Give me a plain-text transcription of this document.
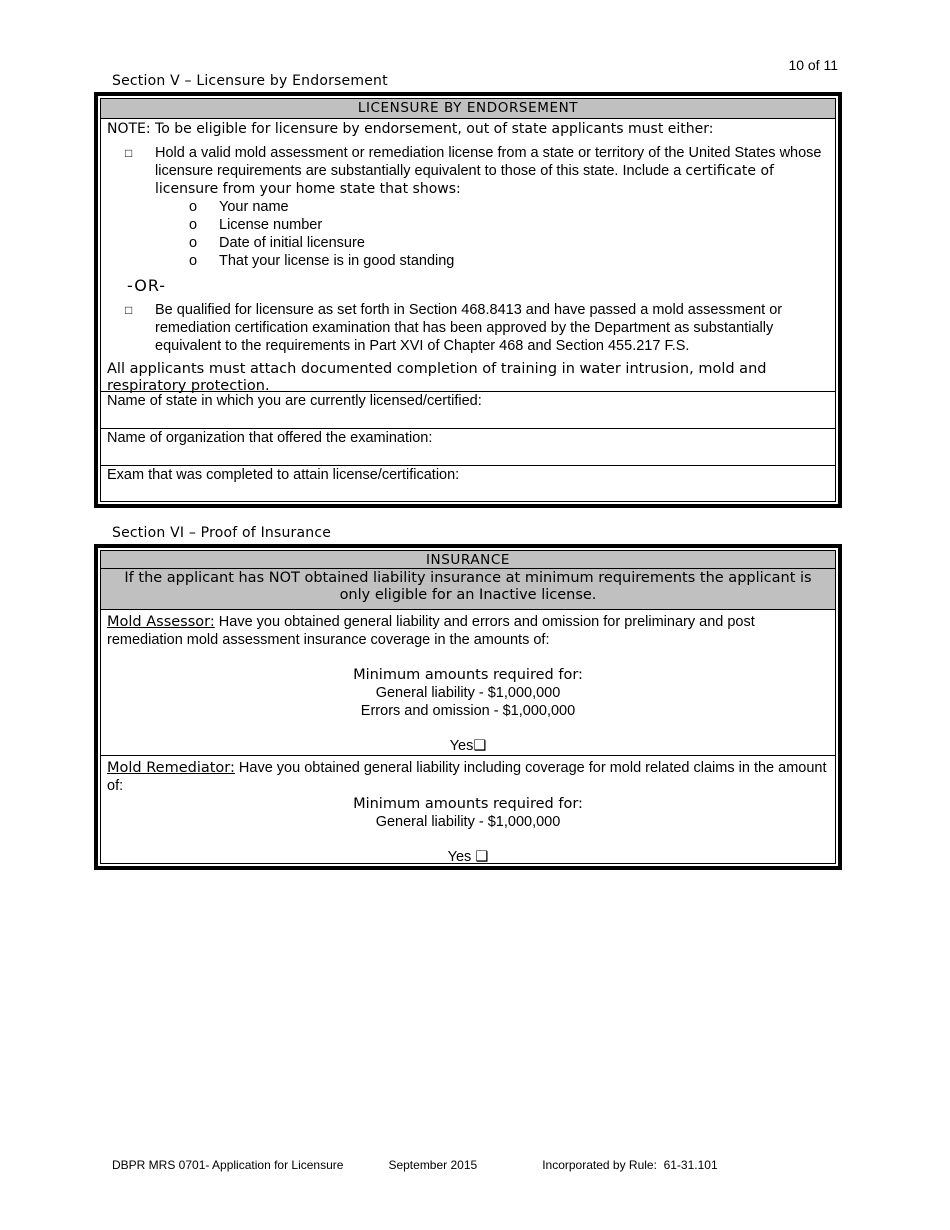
10 of 11
Section V – Licensure by Endorsement
LICENSURE BY ENDORSEMENT
NOTE: To be eligible for licensure by endorsement, out of state applicants must either:
□	Hold a valid mold assessment or remediation license from a state or territory of the United States whose licensure requirements are substantially equivalent to those of this state. Include a certificate of licensure from your home state that shows:
o	Your name
o	License number
o	Date of initial licensure
o	That your license is in good standing
-OR-
□	Be qualified for licensure as set forth in Section 468.8413 and have passed a mold assessment or remediation certification examination that has been approved by the Department as substantially equivalent to the requirements in Part XVI of Chapter 468 and Section 455.217 F.S.
All applicants must attach documented completion of training in water intrusion, mold and respiratory protection.
Name of state in which you are currently licensed/certified:
Name of organization that offered the examination:
Exam that was completed to attain license/certification:
Section VI – Proof of Insurance
INSURANCE
If the applicant has NOT obtained liability insurance at minimum requirements the applicant is only eligible for an Inactive license.
Mold Assessor: Have you obtained general liability and errors and omission for preliminary and post remediation mold assessment insurance coverage in the amounts of:
Minimum amounts required for:
General liability - $1,000,000
Errors and omission - $1,000,000
Yes❑
Mold Remediator: Have you obtained general liability including coverage for mold related claims in the amount of:
Minimum amounts required for:
General liability - $1,000,000
Yes ❑
DBPR MRS 0701- Application for Licensure	September 2015	Incorporated by Rule:  61-31.101
